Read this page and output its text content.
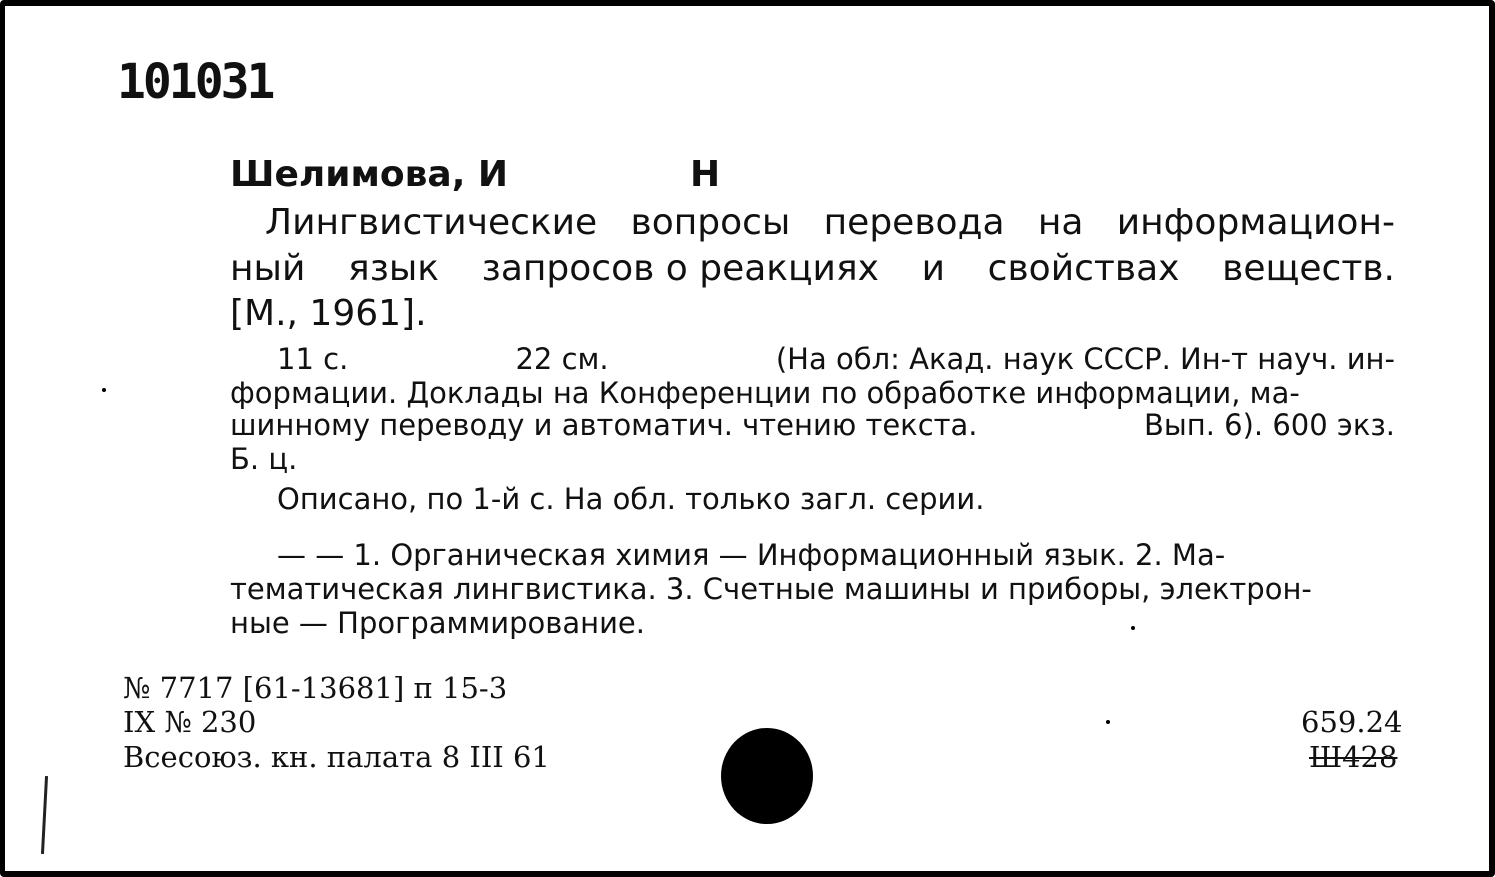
101031
Шелимова, И	Н
Лингвистические вопросы перевода на информацион-
ный язык запросов о реакциях и свойствах веществ.
[М., 1961].
11 с.	22 см.	(На обл: Акад. наук СССР. Ин-т науч. ин-
формации. Доклады на Конференции по обработке информации, ма-
шинному переводу и автоматич. чтению текста.	Вып. 6). 600 экз.
Б. ц.
Описано, по 1-й с. На обл. только загл. серии.
— — 1. Органическая химия — Информационный язык. 2. Ма-
тематическая лингвистика. 3. Счетные машины и приборы, электрон-
ные — Программирование.
№ 7717 [61-13681] п 15-3
IX № 230
Всесоюз. кн. палата 8 III 61
659.24
Ш428
